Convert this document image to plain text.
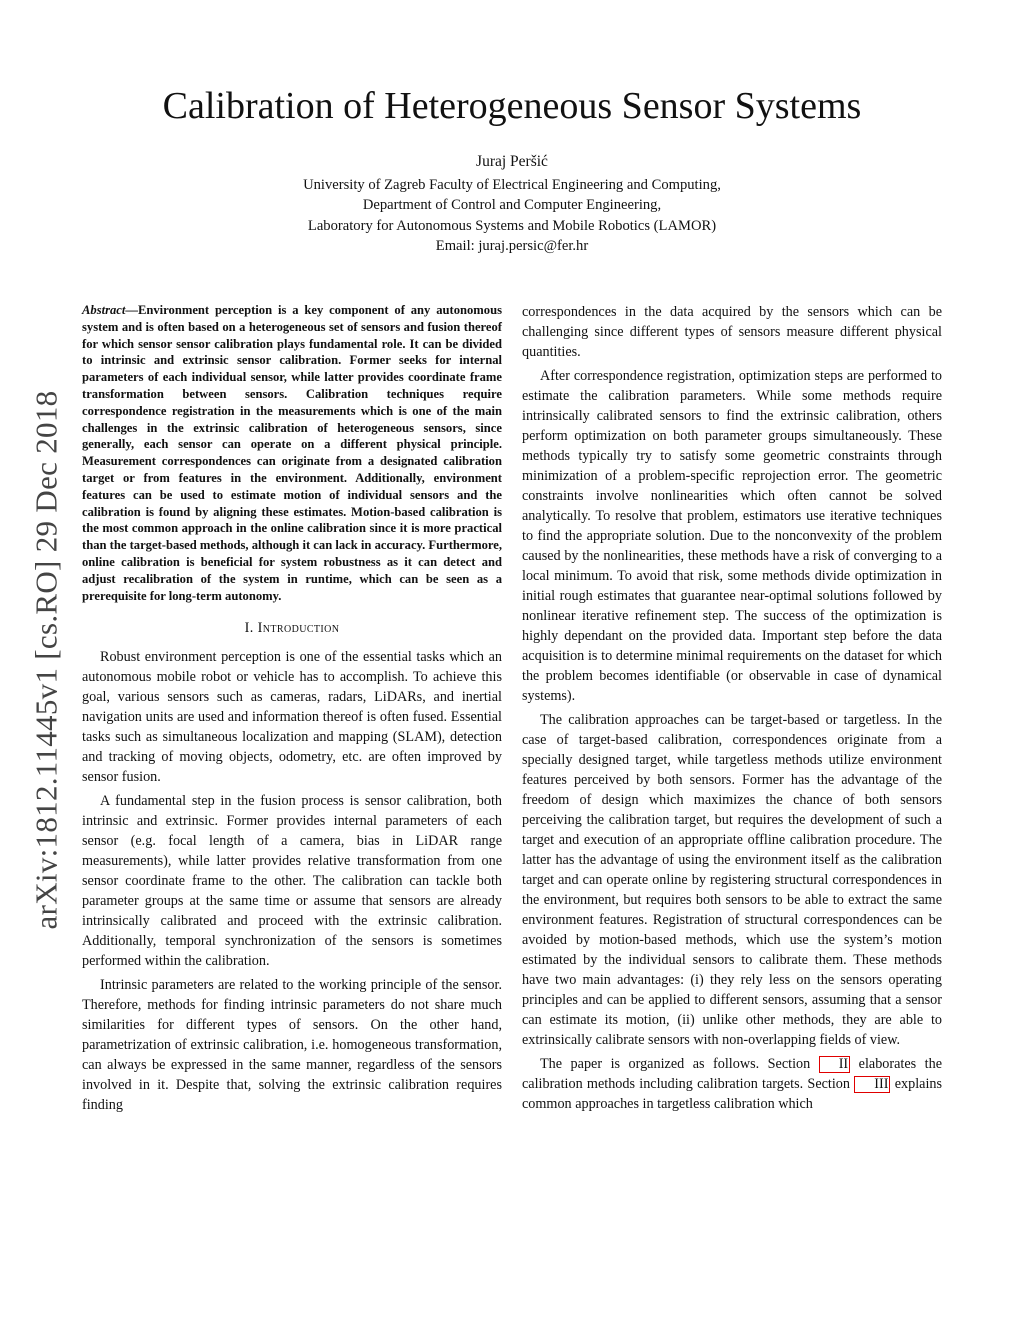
arXiv:1812.11445v1 [cs.RO] 29 Dec 2018
Calibration of Heterogeneous Sensor Systems
Juraj Peršić
University of Zagreb Faculty of Electrical Engineering and Computing,
Department of Control and Computer Engineering,
Laboratory for Autonomous Systems and Mobile Robotics (LAMOR)
Email: juraj.persic@fer.hr

Abstract—Environment perception is a key component of any autonomous system and is often based on a heterogeneous set of sensors and fusion thereof for which sensor sensor calibration plays fundamental role. It can be divided to intrinsic and extrinsic sensor calibration. Former seeks for internal parameters of each individual sensor, while latter provides coordinate frame transformation between sensors. Calibration techniques require correspondence registration in the measurements which is one of the main challenges in the extrinsic calibration of heterogeneous sensors, since generally, each sensor can operate on a different physical principle. Measurement correspondences can originate from a designated calibration target or from features in the environment. Additionally, environment features can be used to estimate motion of individual sensors and the calibration is found by aligning these estimates. Motion-based calibration is the most common approach in the online calibration since it is more practical than the target-based methods, although it can lack in accuracy. Furthermore, online calibration is beneficial for system robustness as it can detect and adjust recalibration of the system in runtime, which can be seen as a prerequisite for long-term autonomy.

I. Introduction

Robust environment perception is one of the essential tasks which an autonomous mobile robot or vehicle has to accomplish. To achieve this goal, various sensors such as cameras, radars, LiDARs, and inertial navigation units are used and information thereof is often fused. Essential tasks such as simultaneous localization and mapping (SLAM), detection and tracking of moving objects, odometry, etc. are often improved by sensor fusion.

A fundamental step in the fusion process is sensor calibration, both intrinsic and extrinsic. Former provides internal parameters of each sensor (e.g. focal length of a camera, bias in LiDAR range measurements), while latter provides relative transformation from one sensor coordinate frame to the other. The calibration can tackle both parameter groups at the same time or assume that sensors are already intrinsically calibrated and proceed with the extrinsic calibration. Additionally, temporal synchronization of the sensors is sometimes performed within the calibration.

Intrinsic parameters are related to the working principle of the sensor. Therefore, methods for finding intrinsic parameters do not share much similarities for different types of sensors. On the other hand, parametrization of extrinsic calibration, i.e. homogeneous transformation, can always be expressed in the same manner, regardless of the sensors involved in it. Despite that, solving the extrinsic calibration requires finding

correspondences in the data acquired by the sensors which can be challenging since different types of sensors measure different physical quantities.

After correspondence registration, optimization steps are performed to estimate the calibration parameters. While some methods require intrinsically calibrated sensors to find the extrinsic calibration, others perform optimization on both parameter groups simultaneously. These methods typically try to satisfy some geometric constraints through minimization of a problem-specific reprojection error. The geometric constraints involve nonlinearities which often cannot be solved analytically. To resolve that problem, estimators use iterative techniques to find the appropriate solution. Due to the nonconvexity of the problem caused by the nonlinearities, these methods have a risk of converging to a local minimum. To avoid that risk, some methods divide optimization in initial rough estimates that guarantee near-optimal solutions followed by nonlinear iterative refinement step. The success of the optimization is highly dependant on the provided data. Important step before the data acquisition is to determine minimal requirements on the dataset for which the problem becomes identifiable (or observable in case of dynamical systems).

The calibration approaches can be target-based or targetless. In the case of target-based calibration, correspondences originate from a specially designed target, while targetless methods utilize environment features perceived by both sensors. Former has the advantage of the freedom of design which maximizes the chance of both sensors perceiving the calibration target, but requires the development of such a target and execution of an appropriate offline calibration procedure. The latter has the advantage of using the environment itself as the calibration target and can operate online by registering structural correspondences in the environment, but requires both sensors to be able to extract the same environment features. Registration of structural correspondences can be avoided by motion-based methods, which use the system’s motion estimated by the individual sensors to calibrate them. These methods have two main advantages: (i) they rely less on the sensors operating principles and can be applied to different sensors, assuming that a sensor can estimate its motion, (ii) unlike other methods, they are able to extrinsically calibrate sensors with non-overlapping fields of view.

The paper is organized as follows. Section II elaborates the calibration methods including calibration targets. Section III explains common approaches in targetless calibration which
